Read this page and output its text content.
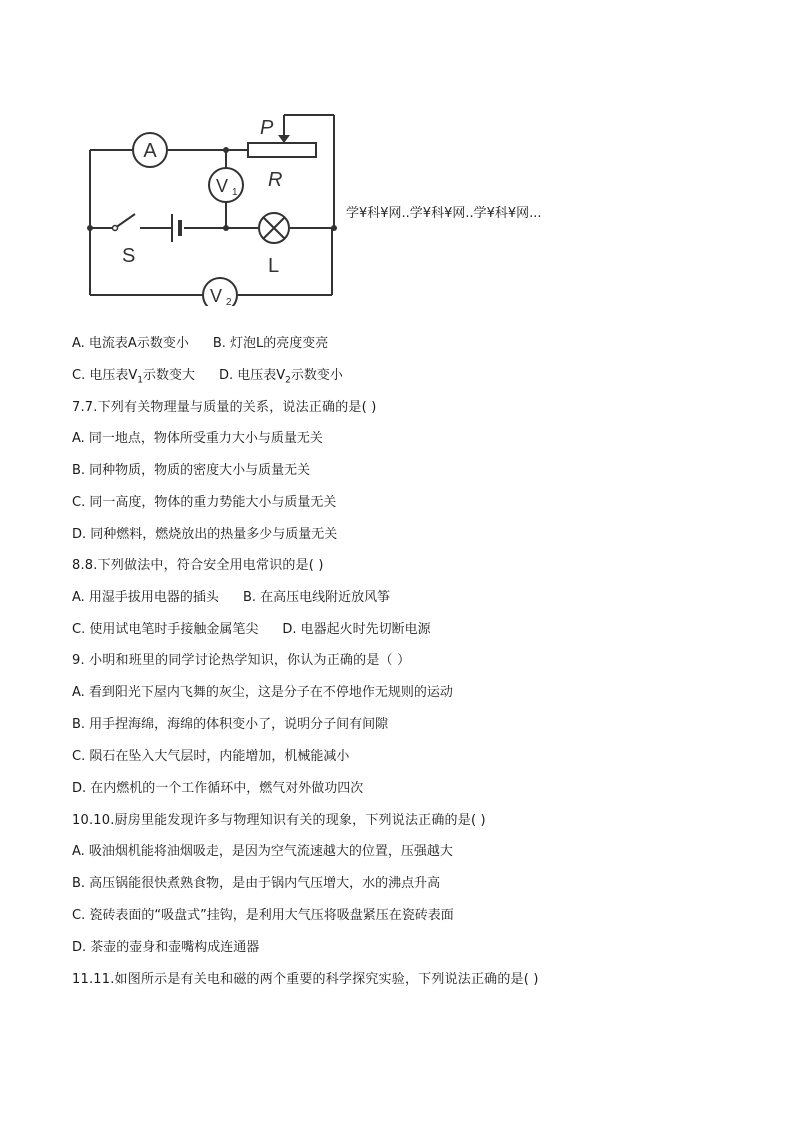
A
V 1
V 2
P
R
S	L
学¥科¥网..学¥科¥网..学¥科¥网...
A. 电流表A示数变小 B. 灯泡L的亮度变亮
C. 电压表$V_1$示数变大 D. 电压表$V_2$示数变小
7.7.下列有关物理量与质量的关系，说法正确的是( )
A. 同一地点，物体所受重力大小与质量无关
B. 同种物质，物质的密度大小与质量无关
C. 同一高度，物体的重力势能大小与质量无关
D. 同种燃料，燃烧放出的热量多少与质量无关
8.8.下列做法中，符合安全用电常识的是( )
A. 用湿手拔用电器的插头 B. 在高压电线附近放风筝
C. 使用试电笔时手接触金属笔尖 D. 电器起火时先切断电源
9. 小明和班里的同学讨论热学知识，你认为正确的是（ ）
A. 看到阳光下屋内飞舞的灰尘，这是分子在不停地作无规则的运动
B. 用手捏海绵，海绵的体积变小了，说明分子间有间隙
C. 陨石在坠入大气层时，内能增加，机械能减小
D. 在内燃机的一个工作循环中，燃气对外做功四次
10.10.厨房里能发现许多与物理知识有关的现象，下列说法正确的是( )
A. 吸油烟机能将油烟吸走，是因为空气流速越大的位置，压强越大
B. 高压锅能很快煮熟食物，是由于锅内气压增大，水的沸点升高
C. 瓷砖表面的“吸盘式”挂钩，是利用大气压将吸盘紧压在瓷砖表面
D. 茶壶的壶身和壶嘴构成连通器
11.11.如图所示是有关电和磁的两个重要的科学探究实验，下列说法正确的是( )
